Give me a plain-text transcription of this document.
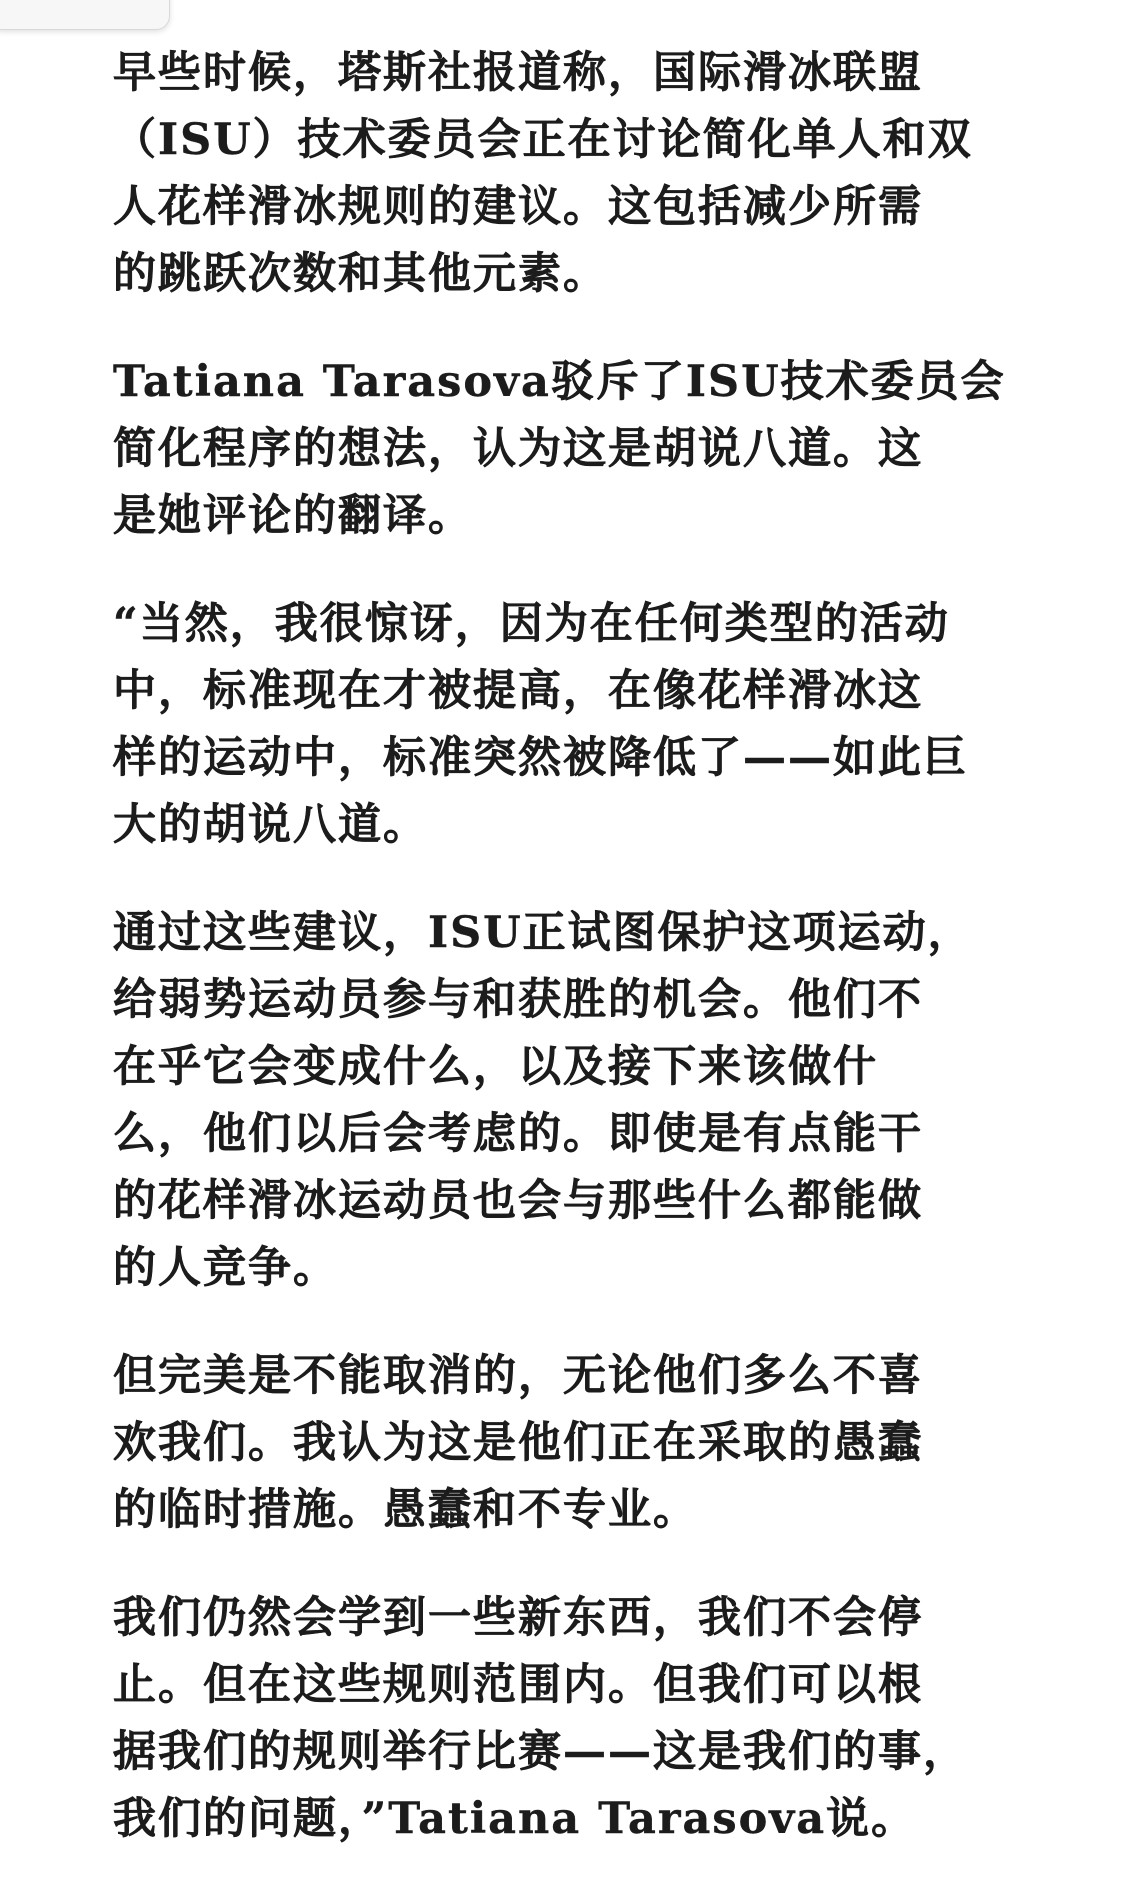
早些时候，塔斯社报道称，国际滑冰联盟
（ISU）技术委员会正在讨论简化单人和双
人花样滑冰规则的建议。这包括减少所需
的跳跃次数和其他元素。

Tatiana Tarasova驳斥了ISU技术委员会
简化程序的想法，认为这是胡说八道。这
是她评论的翻译。

“当然，我很惊讶，因为在任何类型的活动
中，标准现在才被提高，在像花样滑冰这
样的运动中，标准突然被降低了——如此巨
大的胡说八道。

通过这些建议，ISU正试图保护这项运动，
给弱势运动员参与和获胜的机会。他们不
在乎它会变成什么，以及接下来该做什
么，他们以后会考虑的。即使是有点能干
的花样滑冰运动员也会与那些什么都能做
的人竞争。

但完美是不能取消的，无论他们多么不喜
欢我们。我认为这是他们正在采取的愚蠢
的临时措施。愚蠢和不专业。

我们仍然会学到一些新东西，我们不会停
止。但在这些规则范围内。但我们可以根
据我们的规则举行比赛——这是我们的事，
我们的问题，”Tatiana Tarasova说。
